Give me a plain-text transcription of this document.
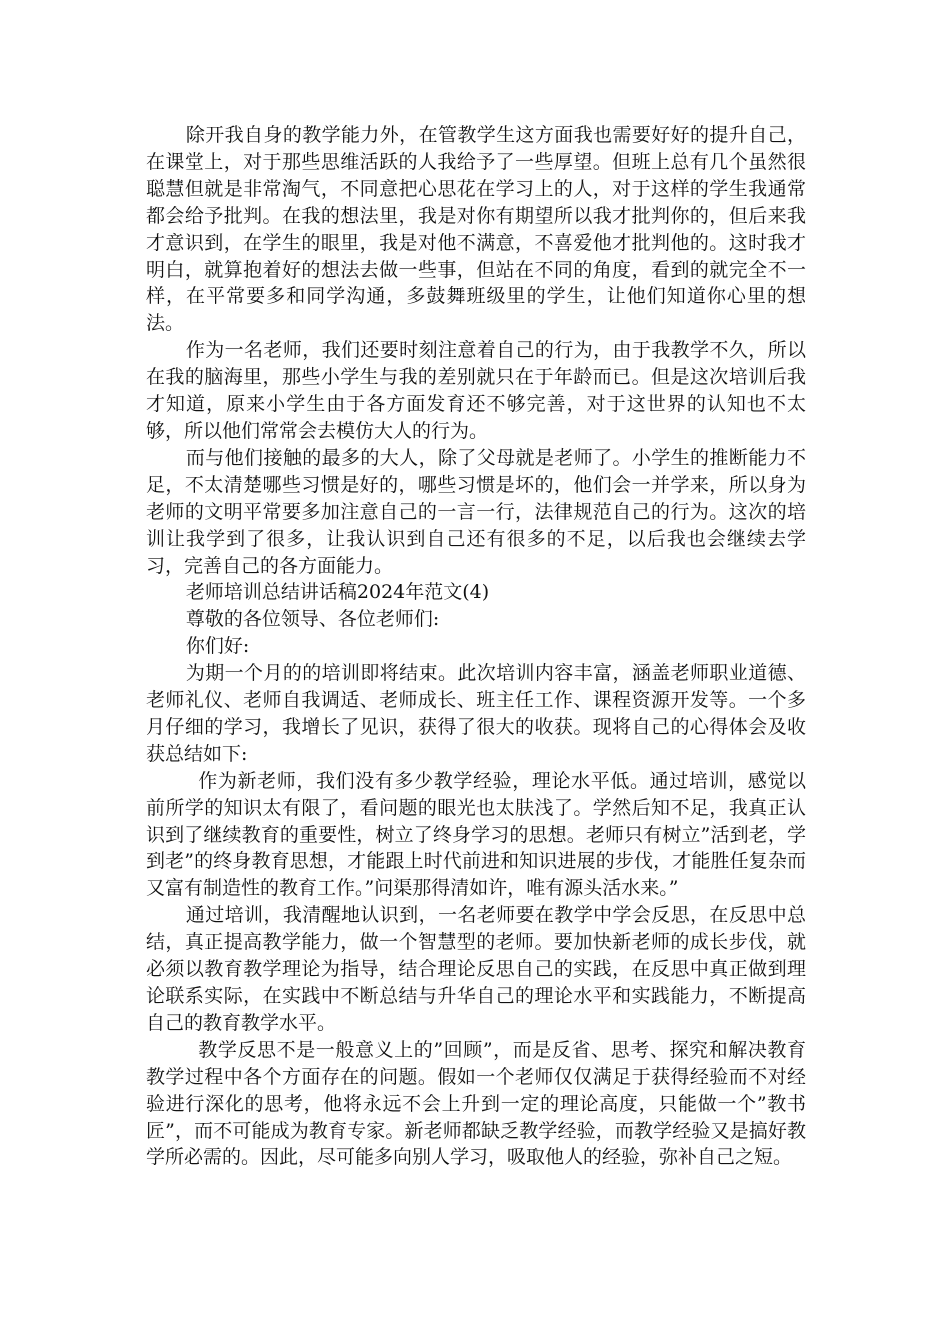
除开我自身的教学能力外，在管教学生这方面我也需要好好的提升自己，在课堂上，对于那些思维活跃的人我给予了一些厚望。但班上总有几个虽然很聪慧但就是非常淘气，不同意把心思花在学习上的人，对于这样的学生我通常都会给予批判。在我的想法里，我是对你有期望所以我才批判你的，但后来我才意识到，在学生的眼里，我是对他不满意，不喜爱他才批判他的。这时我才明白，就算抱着好的想法去做一些事，但站在不同的角度，看到的就完全不一样，在平常要多和同学沟通，多鼓舞班级里的学生，让他们知道你心里的想法。

作为一名老师，我们还要时刻注意着自己的行为，由于我教学不久，所以在我的脑海里，那些小学生与我的差别就只在于年龄而已。但是这次培训后我才知道，原来小学生由于各方面发育还不够完善，对于这世界的认知也不太够，所以他们常常会去模仿大人的行为。

而与他们接触的最多的大人，除了父母就是老师了。小学生的推断能力不足，不太清楚哪些习惯是好的，哪些习惯是坏的，他们会一并学来，所以身为老师的文明平常要多加注意自己的一言一行，法律规范自己的行为。这次的培训让我学到了很多，让我认识到自己还有很多的不足，以后我也会继续去学习，完善自己的各方面能力。

老师培训总结讲话稿2024年范文(4)

尊敬的各位领导、各位老师们:

你们好:

为期一个月的的培训即将结束。此次培训内容丰富，涵盖老师职业道德、老师礼仪、老师自我调适、老师成长、班主任工作、课程资源开发等。一个多月仔细的学习，我增长了见识，获得了很大的收获。现将自己的心得体会及收获总结如下:

作为新老师，我们没有多少教学经验，理论水平低。通过培训，感觉以前所学的知识太有限了，看问题的眼光也太肤浅了。学然后知不足，我真正认识到了继续教育的重要性，树立了终身学习的思想。老师只有树立”活到老，学到老”的终身教育思想，才能跟上时代前进和知识进展的步伐，才能胜任复杂而又富有制造性的教育工作。”问渠那得清如许，唯有源头活水来。”

通过培训，我清醒地认识到，一名老师要在教学中学会反思，在反思中总结，真正提高教学能力，做一个智慧型的老师。要加快新老师的成长步伐，就必须以教育教学理论为指导，结合理论反思自己的实践，在反思中真正做到理论联系实际，在实践中不断总结与升华自己的理论水平和实践能力，不断提高自己的教育教学水平。

教学反思不是一般意义上的”回顾”，而是反省、思考、探究和解决教育教学过程中各个方面存在的问题。假如一个老师仅仅满足于获得经验而不对经验进行深化的思考，他将永远不会上升到一定的理论高度，只能做一个”教书匠”，而不可能成为教育专家。新老师都缺乏教学经验，而教学经验又是搞好教学所必需的。因此，尽可能多向别人学习，吸取他人的经验，弥补自己之短。
